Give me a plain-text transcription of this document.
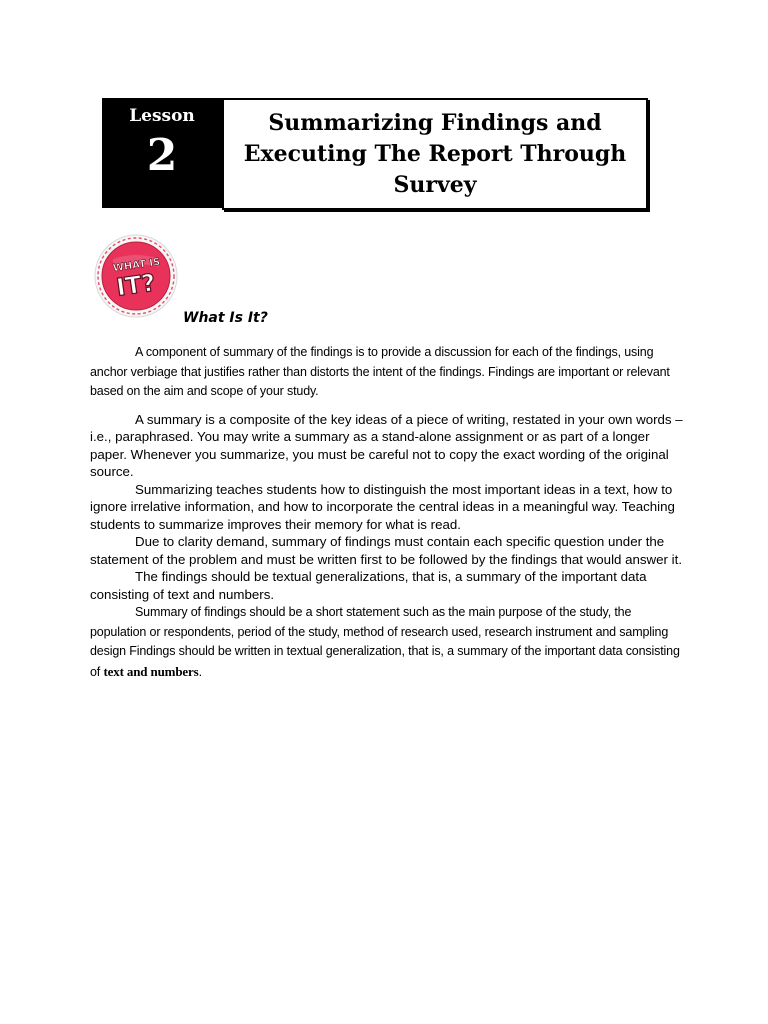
Lesson
2
Summarizing Findings and Executing The Report Through Survey
WHAT IS
IT?
What Is It?

A component of summary of the findings is to provide a discussion for each of the findings, using anchor verbiage that justifies rather than distorts the intent of the findings. Findings are important or relevant based on the aim and scope of your study.

A summary is a composite of the key ideas of a piece of writing, restated in your own words – i.e., paraphrased. You may write a summary as a stand-alone assignment or as part of a longer paper. Whenever you summarize, you must be careful not to copy the exact wording of the original source.

Summarizing teaches students how to distinguish the most important ideas in a text, how to ignore irrelative information, and how to incorporate the central ideas in a meaningful way. Teaching students to summarize improves their memory for what is read.

Due to clarity demand, summary of findings must contain each specific question under the statement of the problem and must be written first to be followed by the findings that would answer it.

The findings should be textual generalizations, that is, a summary of the important data consisting of text and numbers.

Summary of findings should be a short statement such as the main purpose of the study, the population or respondents, period of the study, method of research used, research instrument and sampling design Findings should be written in textual generalization, that is, a summary of the important data consisting of text and numbers.
